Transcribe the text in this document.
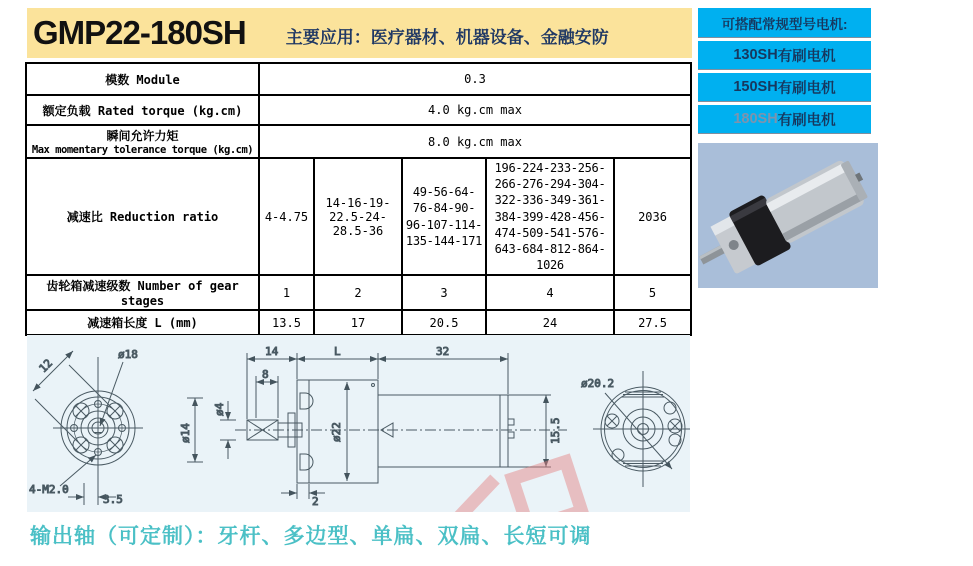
GMP22-180SH 主要应用：医疗器材、机器设备、金融安防
模数 Module	0.3				
额定负载 Rated torque (kg.cm)	4.0 kg.cm max				
瞬间允许力矩
Max momentary tolerance torque (kg.cm)	8.0 kg.cm max				
减速比 Reduction ratio	4-4.75	14-16-19-22.5-24-28.5-36	49-56-64-76-84-90-96-107-114-135-144-171	196-224-233-256-266-276-294-304-322-336-349-361-384-399-428-456-474-509-541-576-643-684-812-864-1026	2036
齿轮箱减速级数 Number of gear stages	1	2	3	4	5
减速箱长度 L (mm)	13.5	17	20.5	24	27.5
可搭配常规型号电机:
130SH 有刷电机
150SH 有刷电机
180SH 有刷电机
12
ø18
4-M2.0
3.5
14	L	32
8
ø22	15.5
2
ø14
ø4
ø20.2
输出轴（可定制）：牙杆、多边型、单扁、双扁、长短可调
